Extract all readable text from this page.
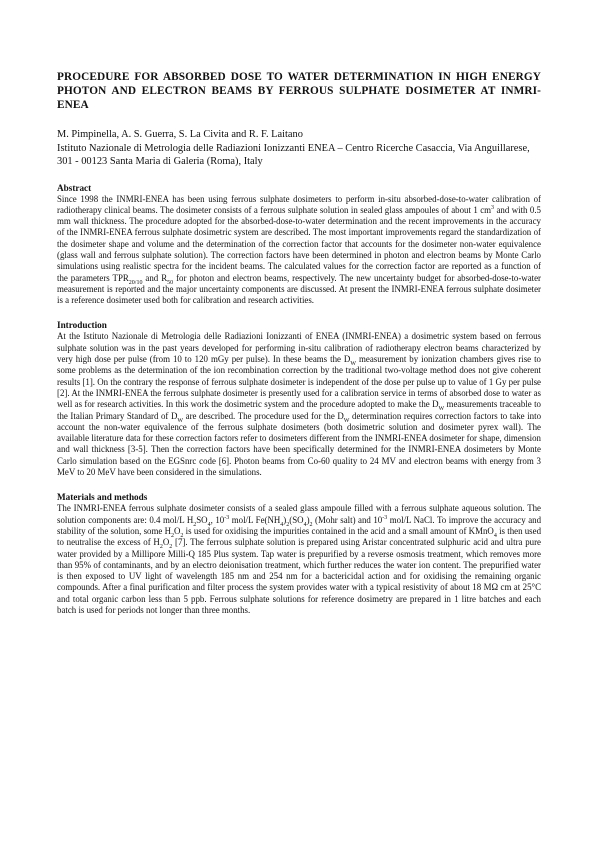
PROCEDURE FOR ABSORBED DOSE TO WATER DETERMINATION IN HIGH ENERGY PHOTON AND ELECTRON BEAMS BY FERROUS SULPHATE DOSIMETER AT INMRI-ENEA
M. Pimpinella, A. S. Guerra, S. La Civita and R. F. Laitano
Istituto Nazionale di Metrologia delle Radiazioni Ionizzanti ENEA – Centro Ricerche Casaccia, Via Anguillarese, 301 - 00123 Santa Maria di Galeria (Roma), Italy
Abstract

Since 1998 the INMRI-ENEA has been using ferrous sulphate dosimeters to perform in-situ absorbed-dose-to-water calibration of radiotherapy clinical beams. The dosimeter consists of a ferrous sulphate solution in sealed glass ampoules of about 1 $cm^3$ and with 0.5 mm wall thickness. The procedure adopted for the absorbed-dose-to-water determination and the recent improvements in the accuracy of the INMRI-ENEA ferrous sulphate dosimetric system are described. The most important improvements regard the standardization of the dosimeter shape and volume and the determination of the correction factor that accounts for the dosimeter non-water equivalence (glass wall and ferrous sulphate solution). The correction factors have been determined in photon and electron beams by Monte Carlo simulations using realistic spectra for the incident beams. The calculated values for the correction factor are reported as a function of the parameters $TPR_{20/10}$ and $R_{50}$ for photon and electron beams, respectively. The new uncertainty budget for absorbed-dose-to-water measurement is reported and the major uncertainty components are discussed. At present the INMRI-ENEA ferrous sulphate dosimeter is a reference dosimeter used both for calibration and research activities.

Introduction

At the Istituto Nazionale di Metrologia delle Radiazioni Ionizzanti of ENEA (INMRI-ENEA) a dosimetric system based on ferrous sulphate solution was in the past years developed for performing in-situ calibration of radiotherapy electron beams characterized by very high dose per pulse (from 10 to 120 mGy per pulse). In these beams the $D_W$ measurement by ionization chambers gives rise to some problems as the determination of the ion recombination correction by the traditional two-voltage method does not give coherent results [1]. On the contrary the response of ferrous sulphate dosimeter is independent of the dose per pulse up to value of 1 Gy per pulse [2]. At the INMRI-ENEA the ferrous sulphate dosimeter is presently used for a calibration service in terms of absorbed dose to water as well as for research activities. In this work the dosimetric system and the procedure adopted to make the $D_W$ measurements traceable to the Italian Primary Standard of $D_W$ are described. The procedure used for the $D_W$ determination requires correction factors to take into account the non-water equivalence of the ferrous sulphate dosimeters (both dosimetric solution and dosimeter pyrex wall). The available literature data for these correction factors refer to dosimeters different from the INMRI-ENEA dosimeter for shape, dimension and wall thickness [3-5]. Then the correction factors have been specifically determined for the INMRI-ENEA dosimeters by Monte Carlo simulation based on the EGSnrc code [6]. Photon beams from Co-60 quality to 24 MV and electron beams with energy from 3 MeV to 20 MeV have been considered in the simulations.

Materials and methods

The INMRI-ENEA ferrous sulphate dosimeter consists of a sealed glass ampoule filled with a ferrous sulphate aqueous solution. The solution components are: 0.4 mol/L $H_2SO_4$, $10^{-3}$ mol/L $Fe(NH_4)_2(SO_4)_2$ (Mohr salt) and $10^{-3}$ mol/L NaCl. To improve the accuracy and stability of the solution, some $H_2O_2$ is used for oxidising the impurities contained in the acid and a small amount of KMnO$_4$ is then used to neutralise the excess of $H_2O_2$ [7]. The ferrous sulphate solution is prepared using Aristar concentrated sulphuric acid and ultra pure water provided by a Millipore Milli-Q 185 Plus system. Tap water is prepurified by a reverse osmosis treatment, which removes more than 95% of contaminants, and by an electro deionisation treatment, which further reduces the water ion content. The prepurified water is then exposed to UV light of wavelength 185 nm and 254 nm for a bactericidal action and for oxidising the remaining organic compounds. After a final purification and filter process the system provides water with a typical resistivity of about 18 MΩ cm at 25°C and total organic carbon less than 5 ppb. Ferrous sulphate solutions for reference dosimetry are prepared in 1 litre batches and each batch is used for periods not longer than three months.
